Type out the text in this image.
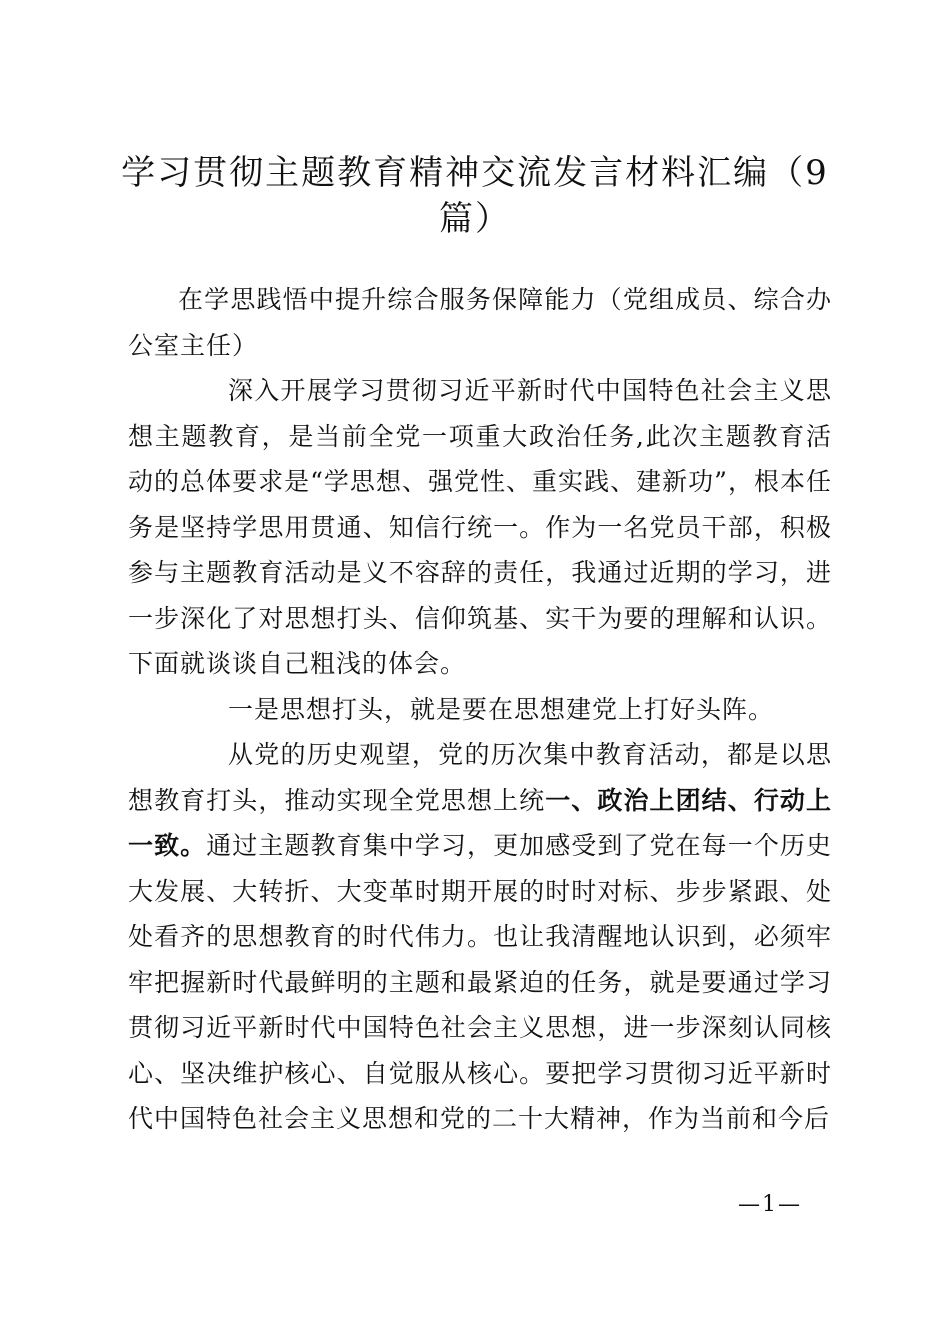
学习贯彻主题教育精神交流发言材料汇编（9篇）

在学思践悟中提升综合服务保障能力（党组成员、综合办公室主任）

深入开展学习贯彻习近平新时代中国特色社会主义思想主题教育，是当前全党一项重大政治任务,此次主题教育活动的总体要求是“学思想、强党性、重实践、建新功”，根本任务是坚持学思用贯通、知信行统一。作为一名党员干部，积极参与主题教育活动是义不容辞的责任，我通过近期的学习，进一步深化了对思想打头、信仰筑基、实干为要的理解和认识。下面就谈谈自己粗浅的体会。

一是思想打头，就是要在思想建党上打好头阵。

从党的历史观望，党的历次集中教育活动，都是以思想教育打头，推动实现全党思想上统一、政治上团结、行动上一致。通过主题教育集中学习，更加感受到了党在每一个历史大发展、大转折、大变革时期开展的时时对标、步步紧跟、处处看齐的思想教育的时代伟力。也让我清醒地认识到，必须牢牢把握新时代最鲜明的主题和最紧迫的任务，就是要通过学习贯彻习近平新时代中国特色社会主义思想，进一步深刻认同核心、坚决维护核心、自觉服从核心。要把学习贯彻习近平新时代中国特色社会主义思想和党的二十大精神，作为当前和今后

—1—
